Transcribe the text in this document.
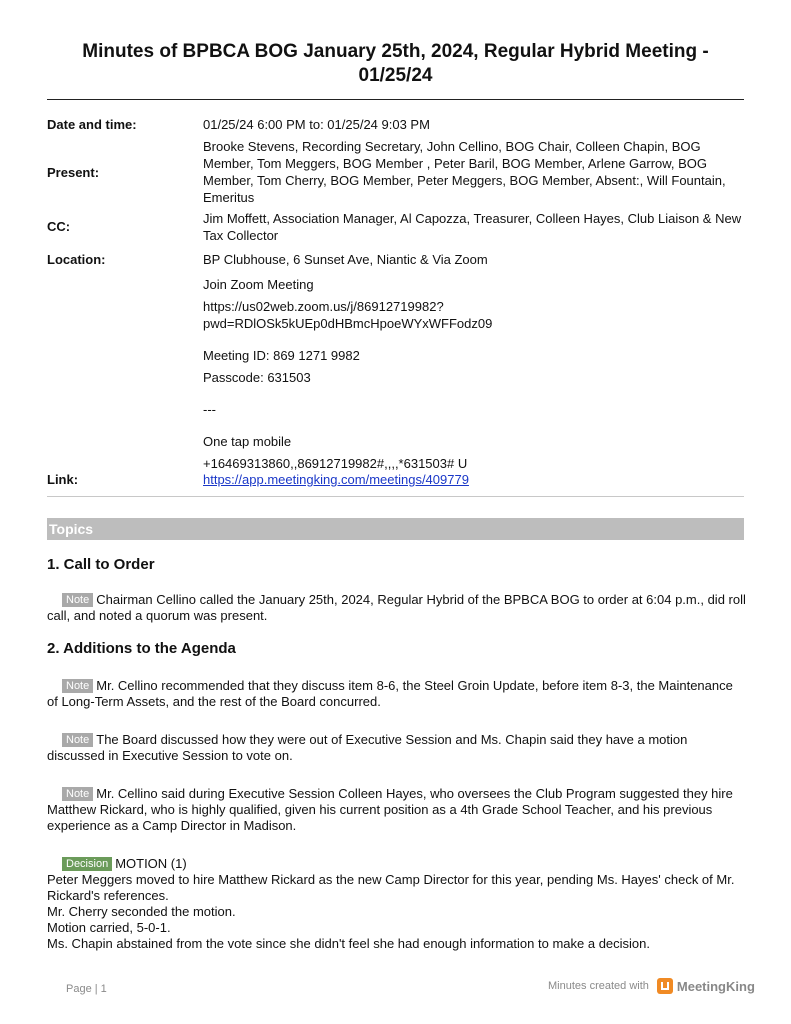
Minutes of BPBCA BOG January 25th, 2024, Regular Hybrid Meeting -
01/25/24
Date and time:	01/25/24 6:00 PM to: 01/25/24 9:03 PM
Present:
Brooke Stevens, Recording Secretary, John Cellino, BOG Chair, Colleen Chapin, BOG Member, Tom Meggers, BOG Member , Peter Baril, BOG Member, Arlene Garrow, BOG Member, Tom Cherry, BOG Member, Peter Meggers, BOG Member, Absent:, Will Fountain, Emeritus
CC:
Jim Moffett, Association Manager, Al Capozza, Treasurer, Colleen Hayes, Club Liaison & New Tax Collector
Location:	BP Clubhouse, 6 Sunset Ave, Niantic & Via Zoom

Join Zoom Meeting

https://us02web.zoom.us/j/86912719982?

pwd=RDlOSk5kUEp0dHBmcHpoeWYxWFFodz09

Meeting ID: 869 1271 9982

Passcode: 631503

---

One tap mobile

+16469313860,,86912719982#,,,,*631503# U

Link:	https://app.meetingking.com/meetings/409779
Topics
1. Call to Order
Note Chairman Cellino called the January 25th, 2024, Regular Hybrid of the BPBCA BOG to order at 6:04 p.m., did roll call, and noted a quorum was present.
2. Additions to the Agenda
Note Mr. Cellino recommended that they discuss item 8-6, the Steel Groin Update, before item 8-3, the Maintenance of Long-Term Assets, and the rest of the Board concurred.
Note The Board discussed how they were out of Executive Session and Ms. Chapin said they have a motion discussed in Executive Session to vote on.
Note Mr. Cellino said during Executive Session Colleen Hayes, who oversees the Club Program suggested they hire Matthew Rickard, who is highly qualified, given his current position as a 4th Grade School Teacher, and his previous experience as a Camp Director in Madison.
Decision MOTION (1)
Peter Meggers moved to hire Matthew Rickard as the new Camp Director for this year, pending Ms. Hayes' check of Mr. Rickard's references.
Mr. Cherry seconded the motion.
Motion carried, 5-0-1.
Ms. Chapin abstained from the vote since she didn't feel she had enough information to make a decision.
Page | 1	Minutes created with MeetingKing
